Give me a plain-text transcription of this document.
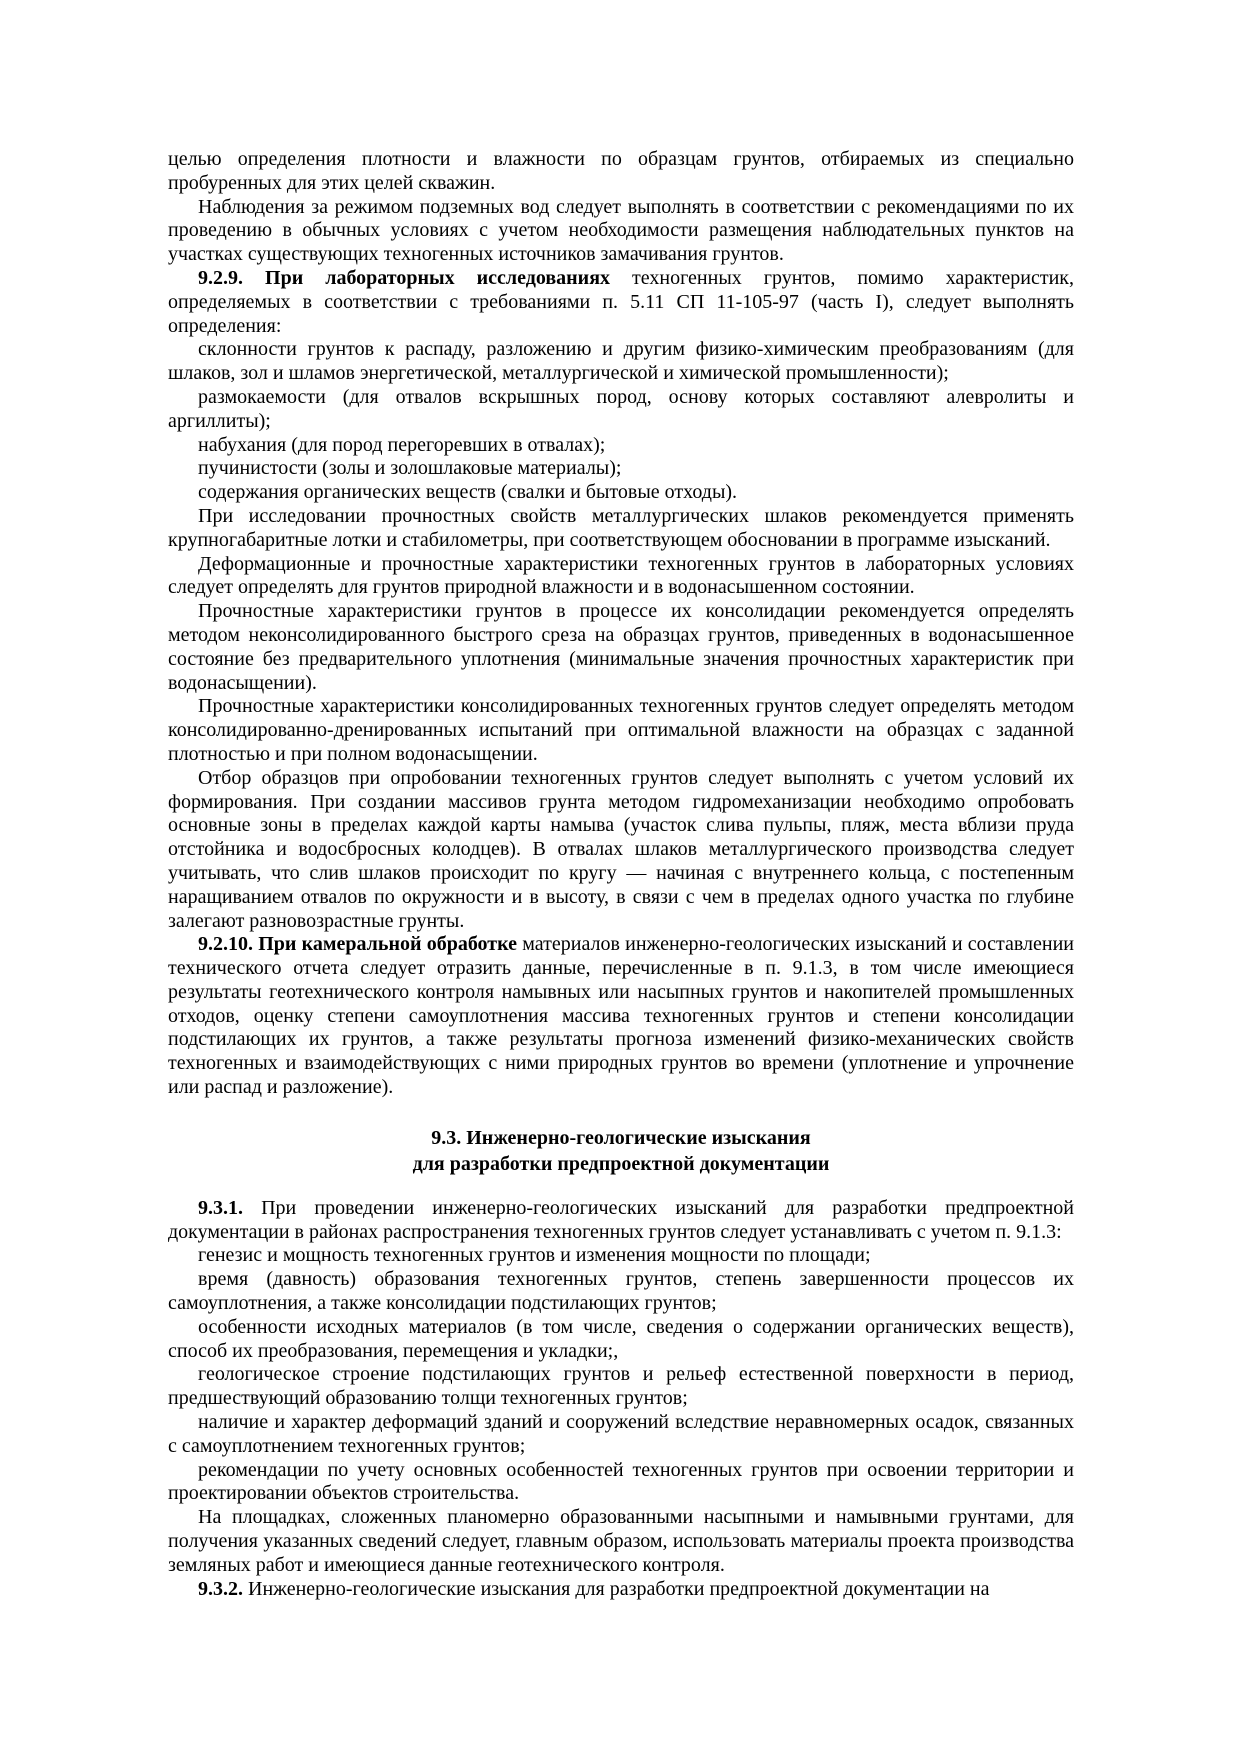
целью определения плотности и влажности по образцам грунтов, отбираемых из специально пробуренных для этих целей скважин.

Наблюдения за режимом подземных вод следует выполнять в соответствии с рекомендациями по их проведению в обычных условиях с учетом необходимости размещения наблюдательных пунктов на участках существующих техногенных источников замачивания грунтов.

9.2.9. При лабораторных исследованиях техногенных грунтов, помимо характеристик, определяемых в соответствии с требованиями п. 5.11 СП 11-105-97 (часть I), следует выполнять определения:

склонности грунтов к распаду, разложению и другим физико-химическим преобразованиям (для шлаков, зол и шламов энергетической, металлургической и химической промышленности);

размокаемости (для отвалов вскрышных пород, основу которых составляют алевролиты и аргиллиты);

набухания (для пород перегоревших в отвалах);

пучинистости (золы и золошлаковые материалы);

содержания органических веществ (свалки и бытовые отходы).

При исследовании прочностных свойств металлургических шлаков рекомендуется применять крупногабаритные лотки и стабилометры, при соответствующем обосновании в программе изысканий.

Деформационные и прочностные характеристики техногенных грунтов в лабораторных условиях следует определять для грунтов природной влажности и в водонасышенном состоянии.

Прочностные характеристики грунтов в процессе их консолидации рекомендуется определять методом неконсолидированного быстрого среза на образцах грунтов, приведенных в водонасышенное состояние без предварительного уплотнения (минимальные значения прочностных характеристик при водонасыщении).

Прочностные характеристики консолидированных техногенных грунтов следует определять методом консолидированно-дренированных испытаний при оптимальной влажности на образцах с заданной плотностью и при полном водонасыщении.

Отбор образцов при опробовании техногенных грунтов следует выполнять с учетом условий их формирования. При создании массивов грунта методом гидромеханизации необходимо опробовать основные зоны в пределах каждой карты намыва (участок слива пульпы, пляж, места вблизи пруда отстойника и водосбросных колодцев). В отвалах шлаков металлургического производства следует учитывать, что слив шлаков происходит по кругу — начиная с внутреннего кольца, с постепенным наращиванием отвалов по окружности и в высоту, в связи с чем в пределах одного участка по глубине залегают разновозрастные грунты.

9.2.10. При камеральной обработке материалов инженерно-геологических изысканий и составлении технического отчета следует отразить данные, перечисленные в п. 9.1.3, в том числе имеющиеся результаты геотехнического контроля намывных или насыпных грунтов и накопителей промышленных отходов, оценку степени самоуплотнения массива техногенных грунтов и степени консолидации подстилающих их грунтов, а также результаты прогноза изменений физико-механических свойств техногенных и взаимодействующих с ними природных грунтов во времени (уплотнение и упрочнение или распад и разложение).

9.3. Инженерно-геологические изыскания
для разработки предпроектной документации

9.3.1. При проведении инженерно-геологических изысканий для разработки предпроектной документации в районах распространения техногенных грунтов следует устанавливать с учетом п. 9.1.3:

генезис и мощность техногенных грунтов и изменения мощности по площади;

время (давность) образования техногенных грунтов, степень завершенности процессов их самоуплотнения, а также консолидации подстилающих грунтов;

особенности исходных материалов (в том числе, сведения о содержании органических веществ), способ их преобразования, перемещения и укладки;,

геологическое строение подстилающих грунтов и рельеф естественной поверхности в период, предшествующий образованию толщи техногенных грунтов;

наличие и характер деформаций зданий и сооружений вследствие неравномерных осадок, связанных с самоуплотнением техногенных грунтов;

рекомендации по учету основных особенностей техногенных грунтов при освоении территории и проектировании объектов строительства.

На площадках, сложенных планомерно образованными насыпными и намывными грунтами, для получения указанных сведений следует, главным образом, использовать материалы проекта производства земляных работ и имеющиеся данные геотехнического контроля.

9.3.2. Инженерно-геологические изыскания для разработки предпроектной документации на
